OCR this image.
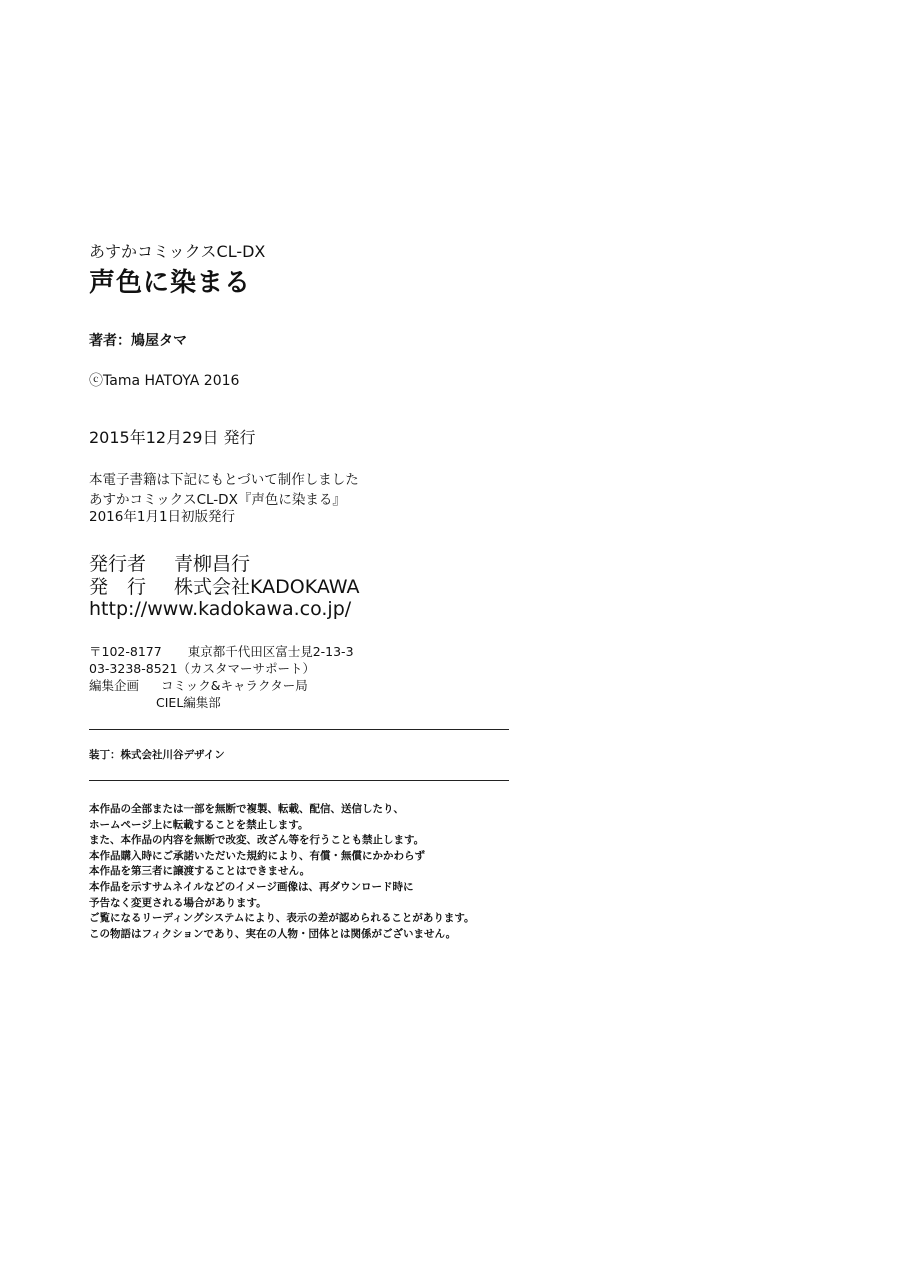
あすかコミックスCL-DX
声色に染まる
著者：鳩屋タマ
ⓒTama HATOYA 2016
2015年12月29日 発行
本電子書籍は下記にもとづいて制作しました
あすかコミックスCL-DX『声色に染まる』
2016年1月1日初版発行
発行者 青柳昌行
発　行 株式会社KADOKAWA
http://www.kadokawa.co.jp/
〒102-8177 東京都千代田区富士見2-13-3
03-3238-8521（カスタマーサポート）
編集企画 コミック&キャラクター局
CIEL編集部
装丁：株式会社川谷デザイン
本作品の全部または一部を無断で複製、転載、配信、送信したり、
ホームページ上に転載することを禁止します。
また、本作品の内容を無断で改変、改ざん等を行うことも禁止します。
本作品購入時にご承諾いただいた規約により、有償・無償にかかわらず
本作品を第三者に譲渡することはできません。
本作品を示すサムネイルなどのイメージ画像は、再ダウンロード時に
予告なく変更される場合があります。
ご覧になるリーディングシステムにより、表示の差が認められることがあります。
この物語はフィクションであり、実在の人物・団体とは関係がございません。
